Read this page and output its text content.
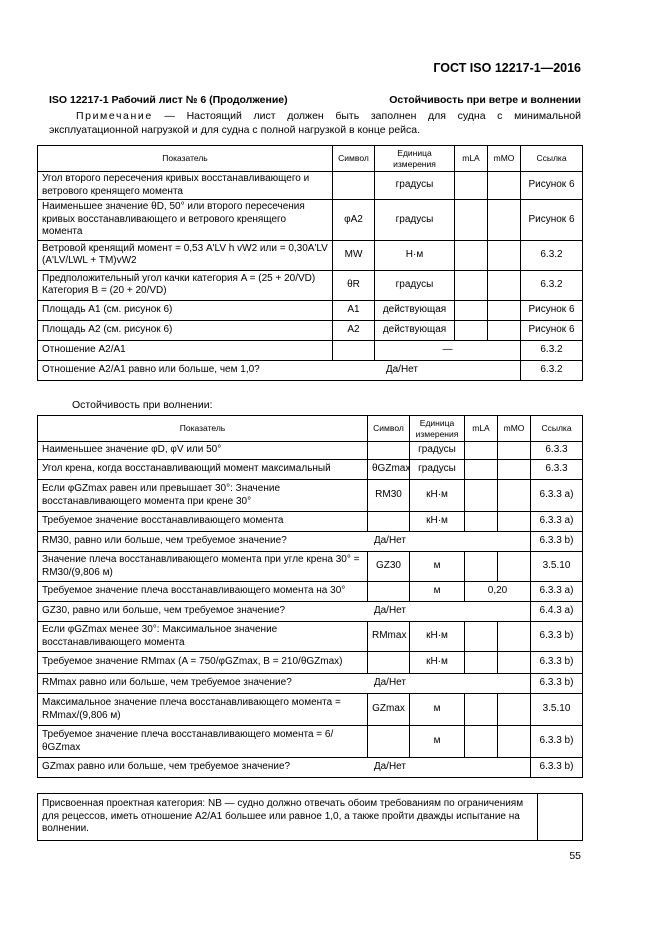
ГОСТ ISO 12217-1—2016
ISO 12217-1 Рабочий лист № 6 (Продолжение)	Остойчивость при ветре и волнении
Примечание — Настоящий лист должен быть заполнен для судна с минимальной эксплуатационной нагрузкой и для судна с полной нагрузкой в конце рейса.
Показатель	Символ	Единица измерения	mLA	mMO	Ссылка
Угол второго пересечения кривых восстанавливающего и ветрового кренящего момента		градусы			Рисунок 6
Наименьшее значение θD, 50° или второго пересечения кривых восстанавливающего и ветрового кренящего момента	φA2	градусы			Рисунок 6
Ветровой кренящий момент = 0,53 A'LV h vW2 или = 0,30A'LV (A'LV/LWL + TM)vW2	MW	Н·м			6.3.2
Предположительный угол качки категория A = (25 + 20/VD) Категория B = (20 + 20/VD)	θR	градусы			6.3.2
Площадь A1 (см. рисунок 6)	A1	действующая			Рисунок 6
Площадь A2 (см. рисунок 6)	A2	действующая			Рисунок 6
Отношение A2/A1		—			6.3.2
Отношение A2/A1 равно или больше, чем 1,0? Да/Нет					6.3.2
Остойчивость при волнении:
Показатель	Символ	Единица измерения	mLA	mMO	Ссылка
Наименьшее значение φD, φV или 50°		градусы			6.3.3
Угол крена, когда восстанавливающий момент максимальный	θGZmax	градусы			6.3.3
Если φGZmax равен или превышает 30°: Значение восстанавливающего момента при крене 30°	RM30	кН·м			6.3.3 a)
Требуемое значение восстанавливающего момента		кН·м			6.3.3 a)
RM30, равно или больше, чем требуемое значение? Да/Нет					6.3.3 b)
Значение плеча восстанавливающего момента при угле крена 30° = RM30/(9,806 м)	GZ30	м			3.5.10
Требуемое значение плеча восстанавливающего момента на 30°		м	0,20		6.3.3 a)
GZ30, равно или больше, чем требуемое значение? Да/Нет					6.4.3 a)
Если φGZmax менее 30°: Максимальное значение восстанавливающего момента	RMmax	кН·м			6.3.3 b)
Требуемое значение RMmax (A = 750/φGZmax, B = 210/θGZmax)		кН·м			6.3.3 b)
RMmax равно или больше, чем требуемое значение? Да/Нет					6.3.3 b)
Максимальное значение плеча восстанавливающего момента = RMmax/(9,806 м)	GZmax	м			3.5.10
Требуемое значение плеча восстанавливающего момента = 6/θGZmax		м			6.3.3 b)
GZmax равно или больше, чем требуемое значение? Да/Нет					6.3.3 b)
Присвоенная проектная категория: NB — судно должно отвечать обоим требованиям по ограничениям для рецессов, иметь отношение A2/A1 большее или равное 1,0, а также пройти дважды испытание на волнении.	
55
